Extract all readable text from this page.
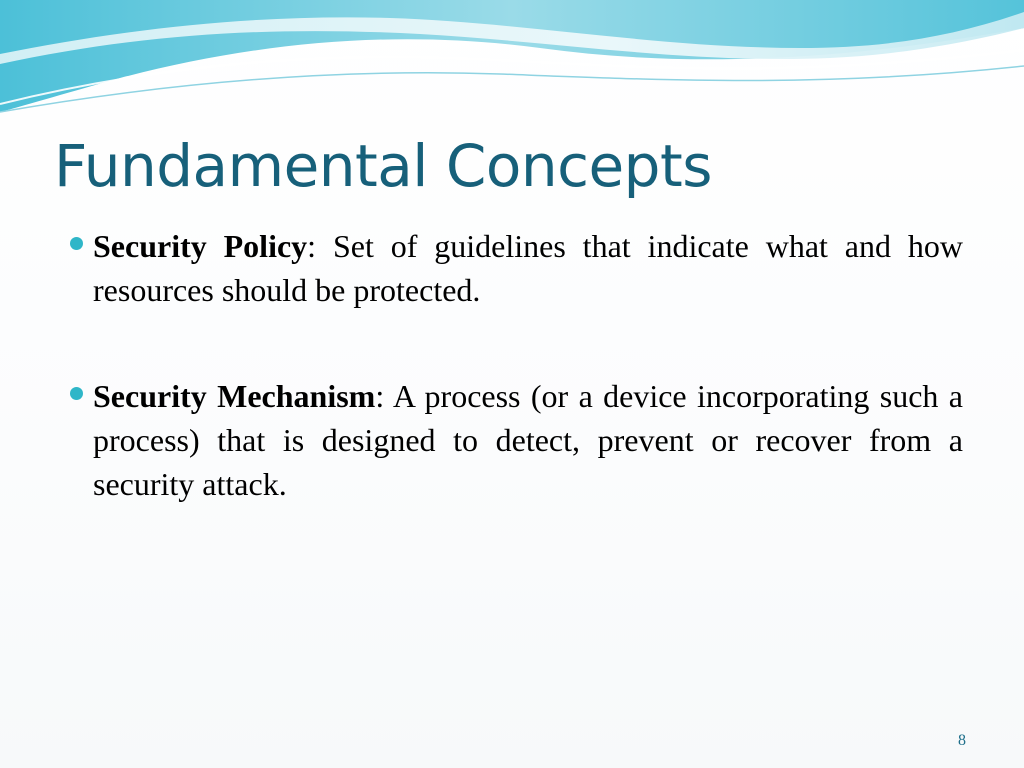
Fundamental Concepts
Security Policy: Set of guidelines that indicate what and how resources should be protected.
Security Mechanism: A process (or a device incorporating such a process) that is designed to detect, prevent or recover from a security attack.
8
